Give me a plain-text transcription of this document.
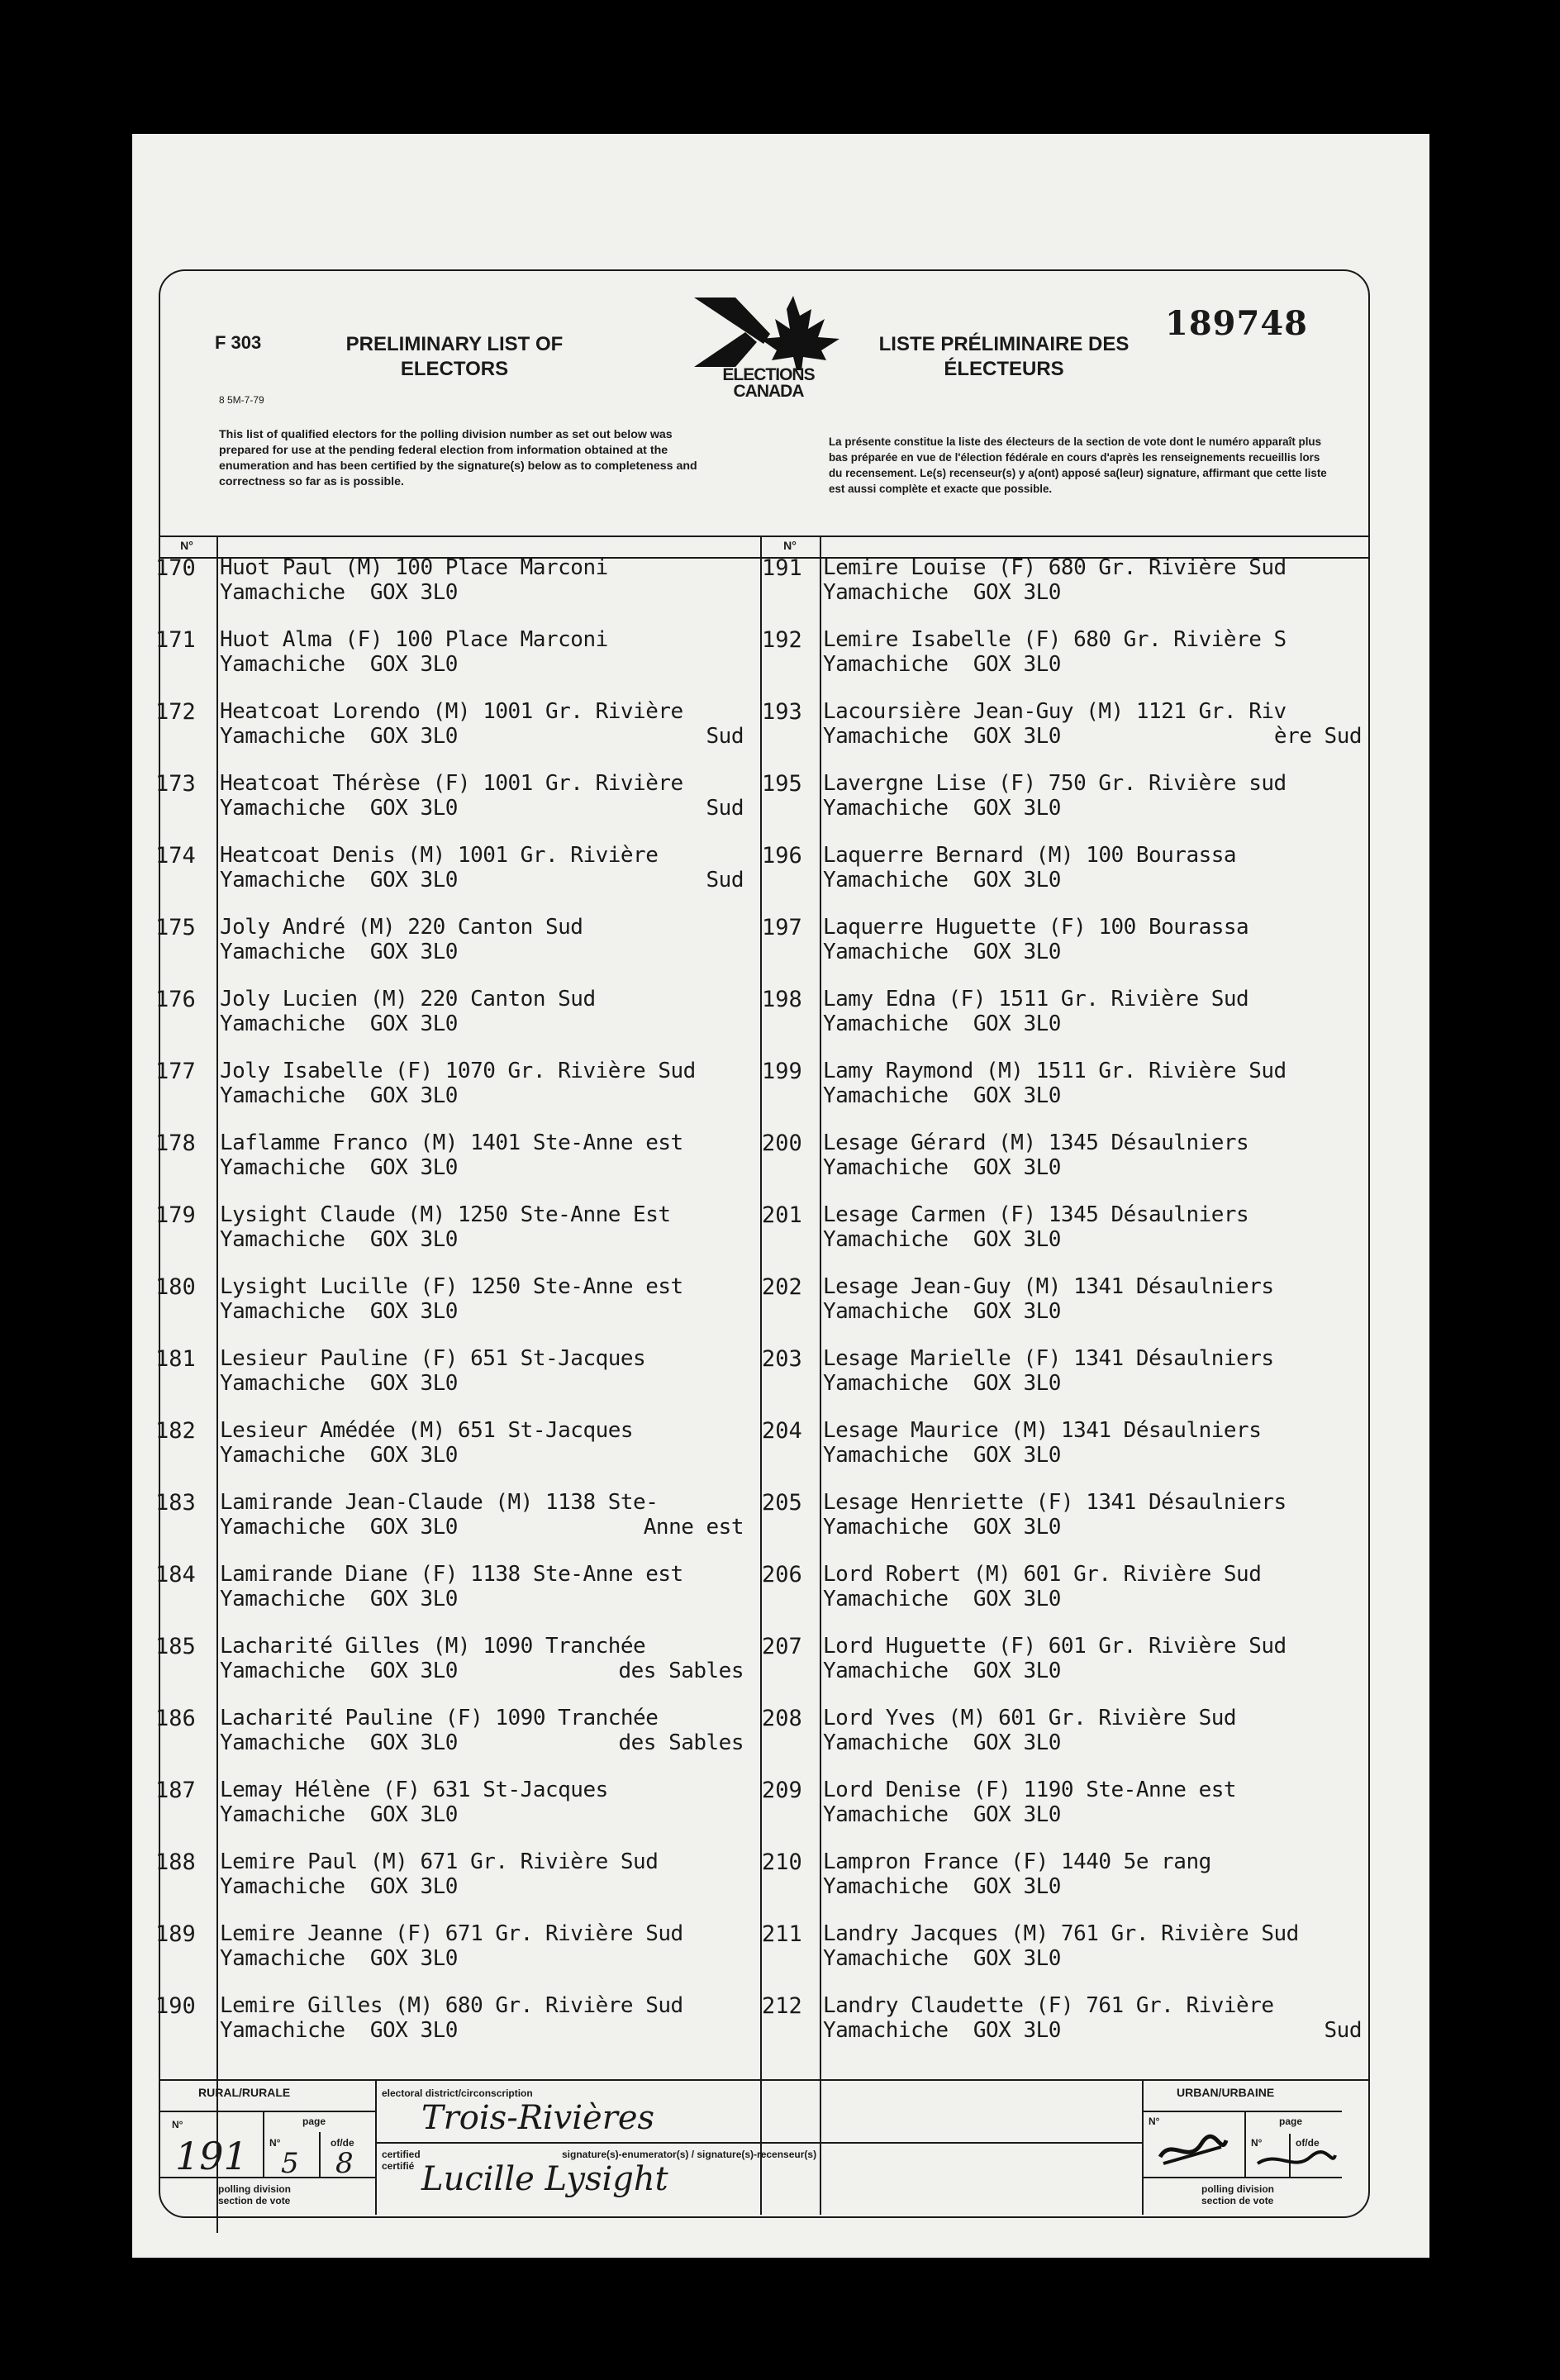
F 303
8 5M-7-79
PRELIMINARY LIST OF ELECTORS	ELECTIONS
CANADA
LISTE PRÉLIMINAIRE DES ÉLECTEURS
189748
This list of qualified electors for the polling division number as set out below was prepared for use at the pending federal election from information obtained at the enumeration and has been certified by the signature(s) below as to completeness and correctness so far as is possible.
La présente constitue la liste des électeurs de la section de vote dont le numéro apparaît plus bas préparée en vue de l'élection fédérale en cours d'après les renseignements recueillis lors du recensement. Le(s) recenseur(s) y a(ont) apposé sa(leur) signature, affirmant que cette liste est aussi complète et exacte que possible.
N°	N°
170 Huot Paul (M) 100 Place Marconi
Yamachiche  GOX 3L0
171 Huot Alma (F) 100 Place Marconi
Yamachiche  GOX 3L0
172 Heatcoat Lorendo (M) 1001 Gr. Rivière
Yamachiche  GOX 3L0	Sud
173 Heatcoat Thérèse (F) 1001 Gr. Rivière
Yamachiche  GOX 3L0	Sud
174 Heatcoat Denis (M) 1001 Gr. Rivière
Yamachiche  GOX 3L0	Sud
175 Joly André (M) 220 Canton Sud
Yamachiche  GOX 3L0
176 Joly Lucien (M) 220 Canton Sud
Yamachiche  GOX 3L0
177 Joly Isabelle (F) 1070 Gr. Rivière Sud
Yamachiche  GOX 3L0
178 Laflamme Franco (M) 1401 Ste-Anne est
Yamachiche  GOX 3L0
179 Lysight Claude (M) 1250 Ste-Anne Est
Yamachiche  GOX 3L0
180 Lysight Lucille (F) 1250 Ste-Anne est
Yamachiche  GOX 3L0
181 Lesieur Pauline (F) 651 St-Jacques
Yamachiche  GOX 3L0
182 Lesieur Amédée (M) 651 St-Jacques
Yamachiche  GOX 3L0
183 Lamirande Jean-Claude (M) 1138 Ste-
Yamachiche  GOX 3L0	Anne est
184 Lamirande Diane (F) 1138 Ste-Anne est
Yamachiche  GOX 3L0
185 Lacharité Gilles (M) 1090 Tranchée
Yamachiche  GOX 3L0	des Sables
186 Lacharité Pauline (F) 1090 Tranchée
Yamachiche  GOX 3L0	des Sables
187 Lemay Hélène (F) 631 St-Jacques
Yamachiche  GOX 3L0
188 Lemire Paul (M) 671 Gr. Rivière Sud
Yamachiche  GOX 3L0
189 Lemire Jeanne (F) 671 Gr. Rivière Sud
Yamachiche  GOX 3L0
190 Lemire Gilles (M) 680 Gr. Rivière Sud
Yamachiche  GOX 3L0
191 Lemire Louise (F) 680 Gr. Rivière Sud
Yamachiche  GOX 3L0
192 Lemire Isabelle (F) 680 Gr. Rivière S
Yamachiche  GOX 3L0
193 Lacoursière Jean-Guy (M) 1121 Gr. Riv
Yamachiche  GOX 3L0	ère Sud
195 Lavergne Lise (F) 750 Gr. Rivière sud
Yamachiche  GOX 3L0
196 Laquerre Bernard (M) 100 Bourassa
Yamachiche  GOX 3L0
197 Laquerre Huguette (F) 100 Bourassa
Yamachiche  GOX 3L0
198 Lamy Edna (F) 1511 Gr. Rivière Sud
Yamachiche  GOX 3L0
199 Lamy Raymond (M) 1511 Gr. Rivière Sud
Yamachiche  GOX 3L0
200 Lesage Gérard (M) 1345 Désaulniers
Yamachiche  GOX 3L0
201 Lesage Carmen (F) 1345 Désaulniers
Yamachiche  GOX 3L0
202 Lesage Jean-Guy (M) 1341 Désaulniers
Yamachiche  GOX 3L0
203 Lesage Marielle (F) 1341 Désaulniers
Yamachiche  GOX 3L0
204 Lesage Maurice (M) 1341 Désaulniers
Yamachiche  GOX 3L0
205 Lesage Henriette (F) 1341 Désaulniers
Yamachiche  GOX 3L0
206 Lord Robert (M) 601 Gr. Rivière Sud
Yamachiche  GOX 3L0
207 Lord Huguette (F) 601 Gr. Rivière Sud
Yamachiche  GOX 3L0
208 Lord Yves (M) 601 Gr. Rivière Sud
Yamachiche  GOX 3L0
209 Lord Denise (F) 1190 Ste-Anne est
Yamachiche  GOX 3L0
210 Lampron France (F) 1440 5e rang
Yamachiche  GOX 3L0
211 Landry Jacques (M) 761 Gr. Rivière Sud
Yamachiche  GOX 3L0
212 Landry Claudette (F) 761 Gr. Rivière
Yamachiche  GOX 3L0	Sud
RURAL/RURALE
N°	page
N°	of/de
191 5 8
polling division
section de vote
electoral district/circonscription
Trois-Rivières
certified
certifié
signature(s)-enumerator(s) / signature(s)-recenseur(s)
Lucille Lysight
URBAN/URBAINE
N°	page
N°	of/de
polling division
section de vote
